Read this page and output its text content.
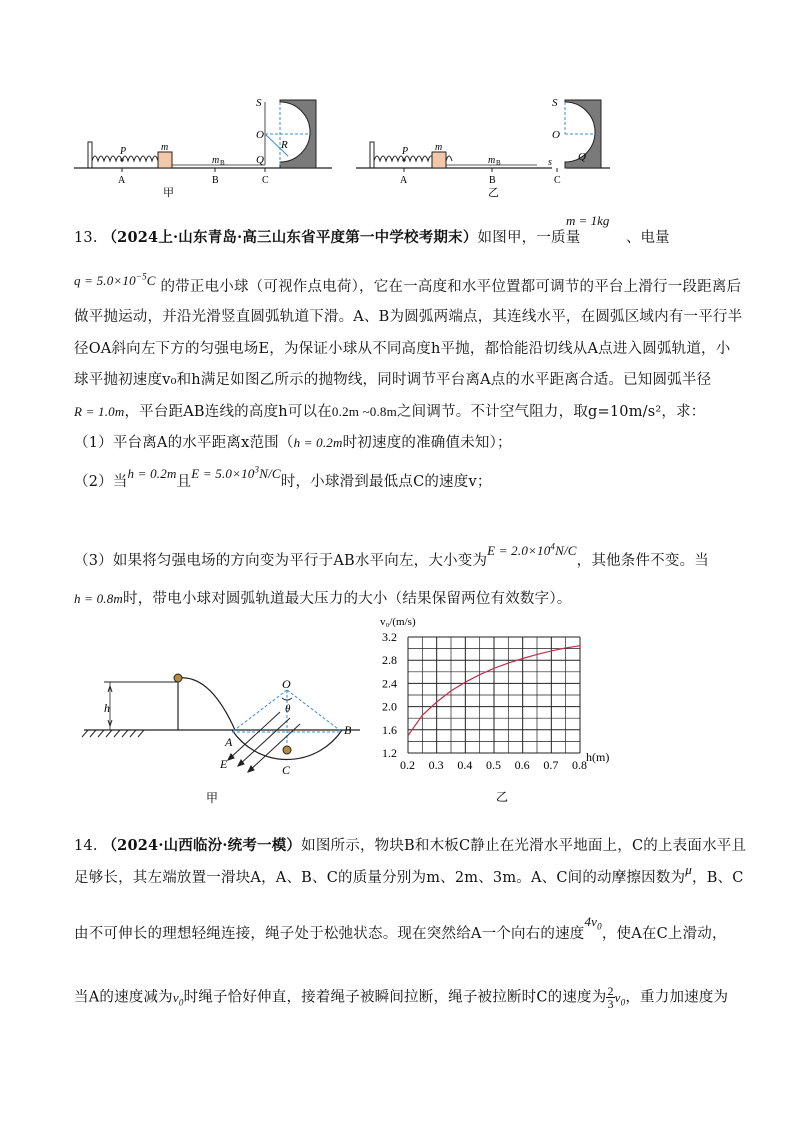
S
O
Q
R
P	m
m B
A	B	C
甲
S
O
Q
s
P	m
m B
A	B	C
乙
13. （2024上·山东青岛·高三山东省平度第一中学校考期末）如图甲，一质量
m = 1kg
、电量
$q = 5.0\times 10^{-5}C$ 的带正电小球（可视作点电荷），它在一高度和水平位置都可调节的平台上滑行一段距离后
做平抛运动，并沿光滑竖直圆弧轨道下滑。A、B为圆弧两端点，其连线水平，在圆弧区域内有一平行半
径OA斜向左下方的匀强电场E，为保证小球从不同高度h平抛，都恰能沿切线从A点进入圆弧轨道，小
球平抛初速度v₀和h满足如图乙所示的抛物线，同时调节平台离A点的水平距离合适。已知圆弧半径
R = 1.0m，平台距AB连线的高度h可以在0.2m ~0.8m之间调节。不计空气阻力，取g=10m/s²，求：
（1）平台离A的水平距离x范围（h = 0.2m时初速度的准确值未知）；
（2）当h = 0.2m且$E = 5.0\times 10^3N/C$时，小球滑到最低点C的速度v；
（3）如果将匀强电场的方向变为平行于AB水平向左，大小变为$E = 2.0\times 10^4N/C$，其他条件不变。当
h = 0.8m时，带电小球对圆弧轨道最大压力的大小（结果保留两位有效数字）。
h
O
θ
A
B
E	C
甲
1.2
1.6
2.0
2.4
2.8
3.2
0.2 0.3 0.4 0.5 0.6 0.7 0.8
v₀/(m/s)
h(m)
乙
14. （2024·山西临汾·统考一模）如图所示，物块B和木板C静止在光滑水平地面上，C的上表面水平且
足够长，其左端放置一滑块A，A、B、C的质量分别为m、2m、3m。A、C间的动摩擦因数为μ，B、C
由不可伸长的理想轻绳连接，绳子处于松弛状态。现在突然给A一个向右的速度$4v_0$，使A在C上滑动，
当A的速度减为$v_0$时绳子恰好伸直，接着绳子被瞬间拉断，绳子被拉断时C的速度为 $\frac{2}{3} v_0$，重力加速度为
